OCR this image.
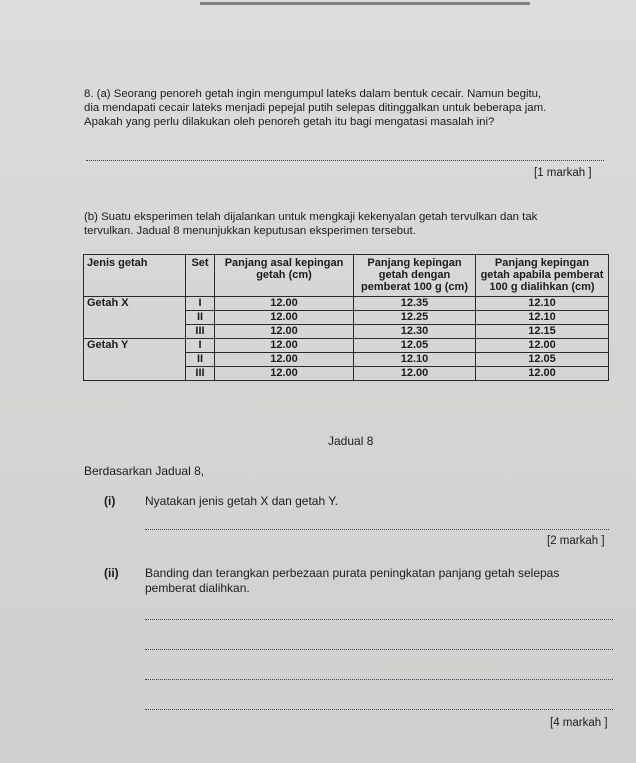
8. (a) Seorang penoreh getah ingin mengumpul lateks dalam bentuk cecair. Namun begitu,
dia mendapati cecair lateks menjadi pepejal putih selepas ditinggalkan untuk beberapa jam.
Apakah yang perlu dilakukan oleh penoreh getah itu bagi mengatasi masalah ini?
[1 markah ]
(b) Suatu eksperimen telah dijalankan untuk mengkaji kekenyalan getah tervulkan dan tak
tervulkan. Jadual 8 menunjukkan keputusan eksperimen tersebut.
Jenis getah	Set	Panjang asal kepingan getah (cm)	Panjang kepingan getah dengan pemberat 100 g (cm)	Panjang kepingan getah apabila pemberat 100 g dialihkan (cm)
Getah X	I	12.00	12.35	12.10
	II	12.00	12.25	12.10
	III	12.00	12.30	12.15
Getah Y	I	12.00	12.05	12.00
	II	12.00	12.10	12.05
	III	12.00	12.00	12.00
Jadual 8
Berdasarkan Jadual 8,
(i) Nyatakan jenis getah X dan getah Y.
[2 markah ]
(ii) Banding dan terangkan perbezaan purata peningkatan panjang getah selepas
pemberat dialihkan.
[4 markah ]
